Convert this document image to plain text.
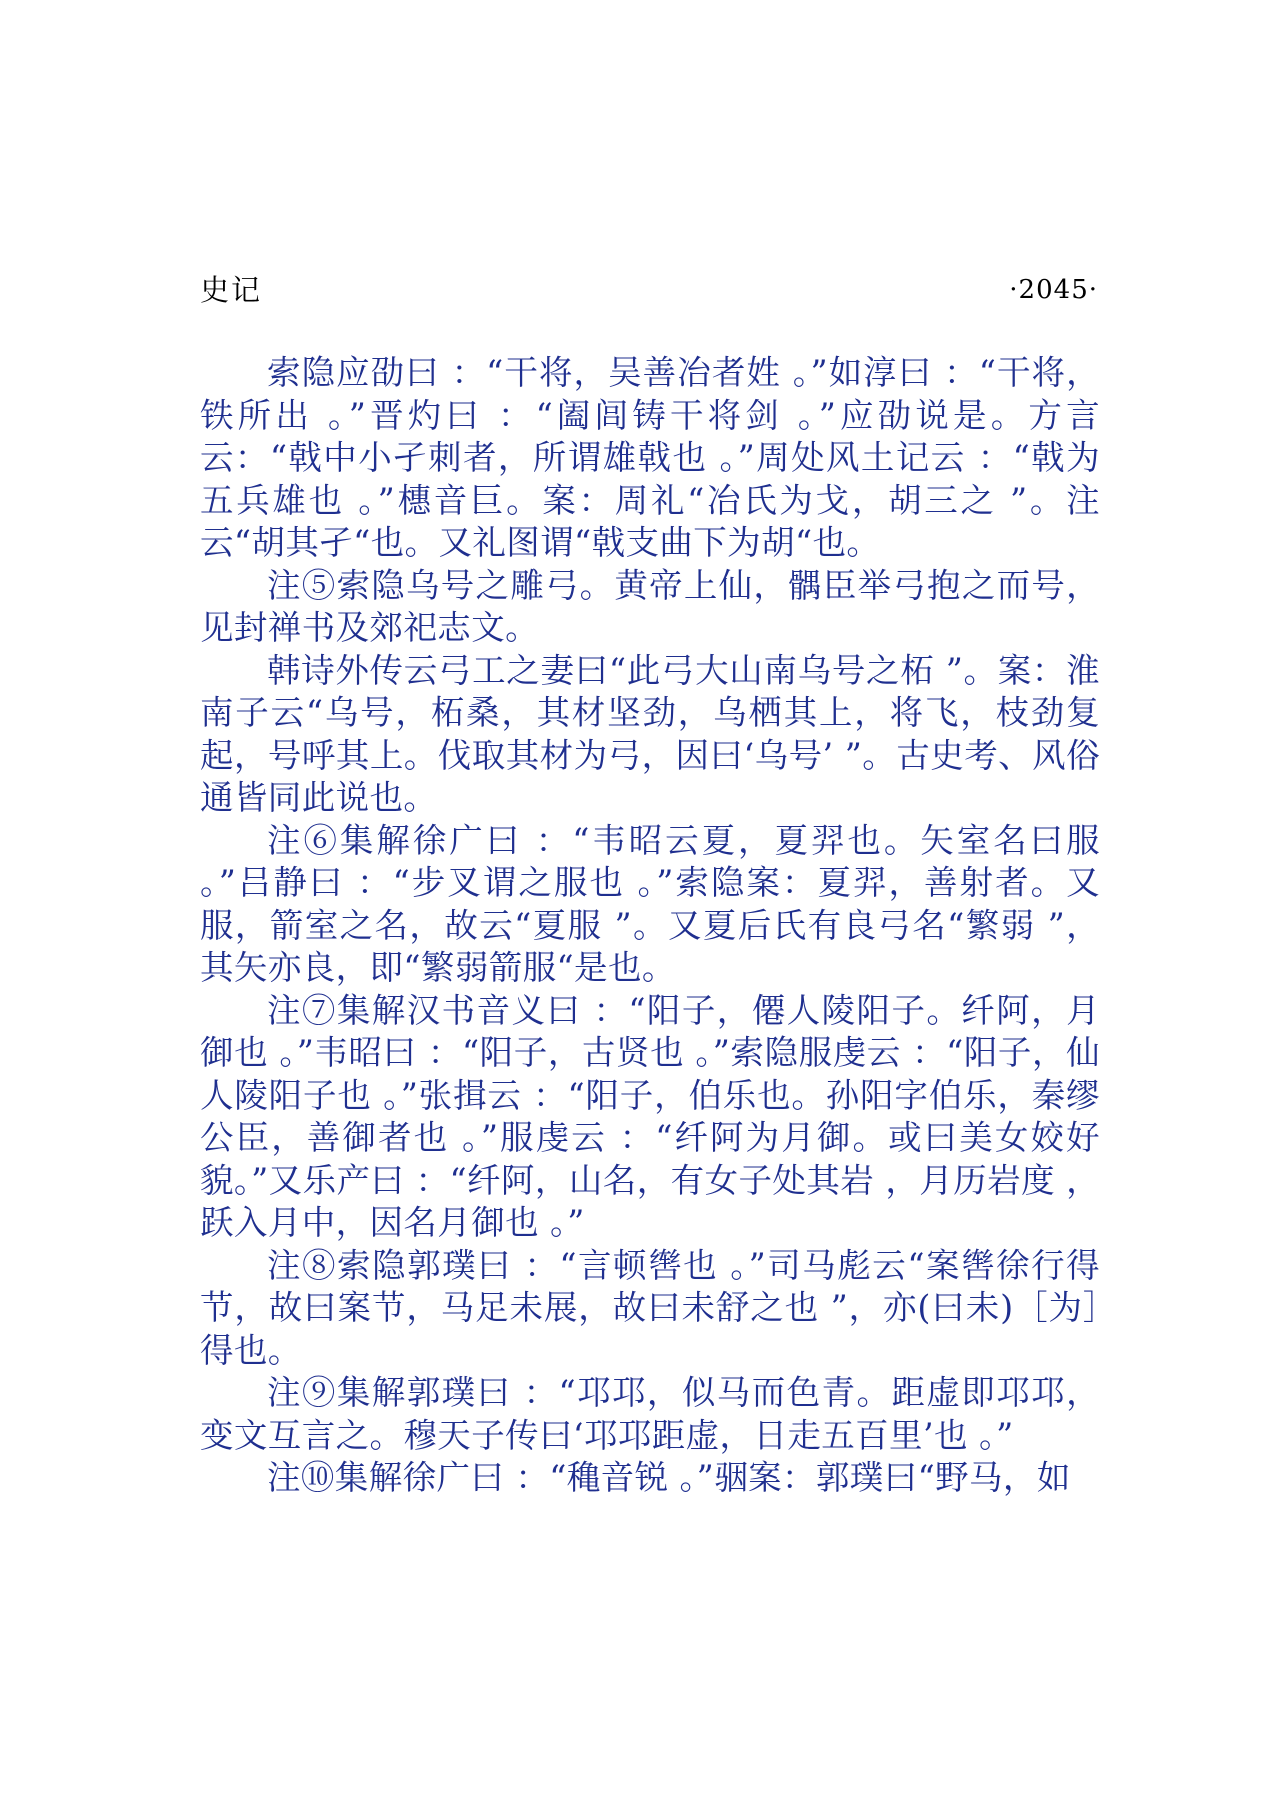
史记	·2045·

索隐应劭曰 ：“干将，吴善冶者姓 。”如淳曰 ：“干将，铁所出 。”晋灼曰 ：“阖闾铸干将剑 。”应劭说是。方言云：“戟中小孑刺者，所谓雄戟也 。”周处风土记云 ：“戟为五兵雄也 。”橞音巨。案：周礼“冶氏为戈，胡三之 ”。注云“胡其孑“也。又礼图谓“戟支曲下为胡“也。

注⑤索隐乌号之雕弓。黄帝上仙，髃臣举弓抱之而号，见封禅书及郊祀志文。

韩诗外传云弓工之妻曰“此弓大山南乌号之柘 ”。案：淮南子云“乌号，柘桑，其材坚劲，乌栖其上，将飞，枝劲复起，号呼其上。伐取其材为弓，因曰‘乌号’ ”。古史考、风俗通皆同此说也。

注⑥集解徐广曰 ：“韦昭云夏，夏羿也。矢室名曰服 。”吕静曰 ：“步叉谓之服也 。”索隐案：夏羿，善射者。又服，箭室之名，故云“夏服 ”。又夏后氏有良弓名“繁弱 ”，其矢亦良，即“繁弱箭服“是也。

注⑦集解汉书音义曰 ：“阳子，僊人陵阳子。纤阿，月御也 。”韦昭曰 ：“阳子，古贤也 。”索隐服虔云 ：“阳子，仙人陵阳子也 。”张揖云 ：“阳子，伯乐也。孙阳字伯乐，秦缪公臣，善御者也 。”服虔云 ：“纤阿为月御。或曰美女姣好貌。”又乐产曰 ：“纤阿，山名，有女子处其岩 ，月历岩度 ，跃入月中，因名月御也 。”

注⑧索隐郭璞曰 ：“言顿辔也 。”司马彪云“案辔徐行得节，故曰案节，马足未展，故曰未舒之也 ”，亦(曰未)［为］得也。

注⑨集解郭璞曰 ：“邛邛，似马而色青。距虚即邛邛，变文互言之。穆天子传曰‘邛邛距虚，日走五百里’也 。”

注⑩集解徐广曰 ：“穐音锐 。”骃案：郭璞曰“野马，如
